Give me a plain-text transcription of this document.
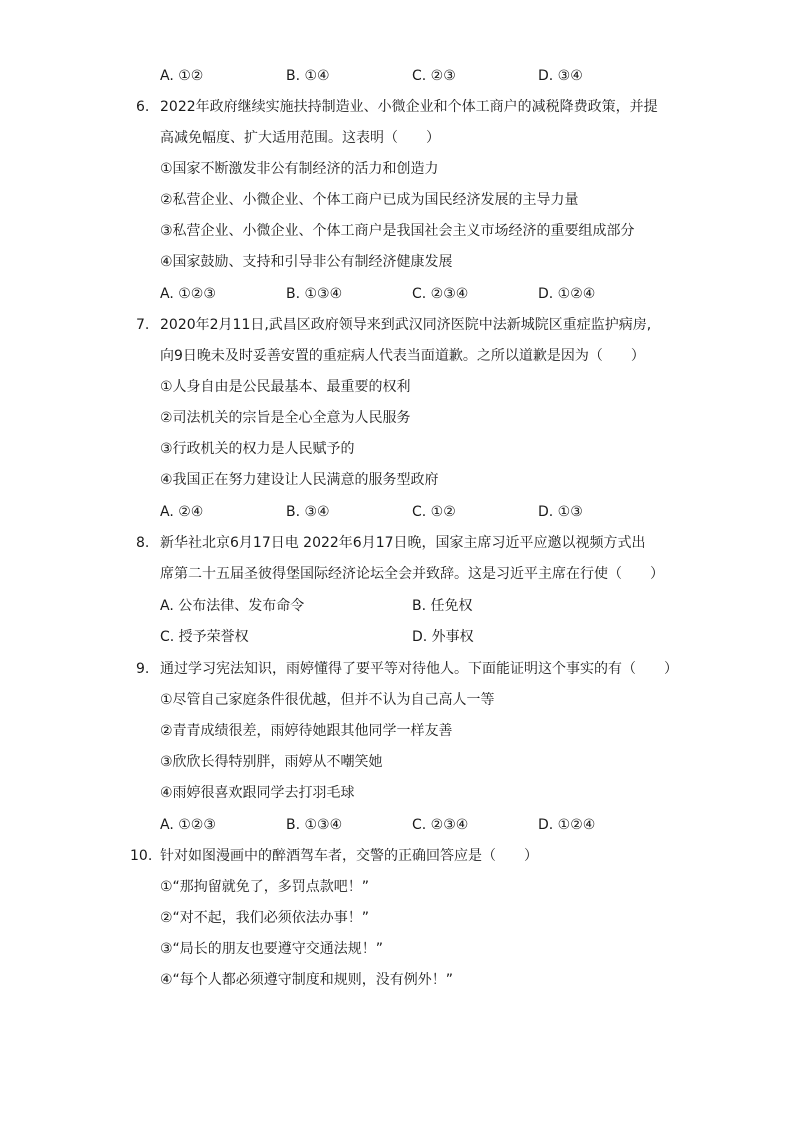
A. ①②	B. ①④	C. ②③	D. ③④
6. 2022年政府继续实施扶持制造业、小微企业和个体工商户的减税降费政策，并提
高减免幅度、扩大适用范围。这表明（　　）
①国家不断激发非公有制经济的活力和创造力
②私营企业、小微企业、个体工商户已成为国民经济发展的主导力量
③私营企业、小微企业、个体工商户是我国社会主义市场经济的重要组成部分
④国家鼓励、支持和引导非公有制经济健康发展
A. ①②③	B. ①③④	C. ②③④	D. ①②④
7. 2020年2月11日,武昌区政府领导来到武汉同济医院中法新城院区重症监护病房,
向9日晚未及时妥善安置的重症病人代表当面道歉。之所以道歉是因为（　　）
①人身自由是公民最基本、最重要的权利
②司法机关的宗旨是全心全意为人民服务
③行政机关的权力是人民赋予的
④我国正在努力建设让人民满意的服务型政府
A. ②④	B. ③④	C. ①②	D. ①③
8. 新华社北京6月17日电 2022年6月17日晚，国家主席习近平应邀以视频方式出
席第二十五届圣彼得堡国际经济论坛全会并致辞。这是习近平主席在行使（　　）
A. 公布法律、发布命令	B. 任免权
C. 授予荣誉权	D. 外事权
9. 通过学习宪法知识，雨婷懂得了要平等对待他人。下面能证明这个事实的有（　　）
①尽管自己家庭条件很优越，但并不认为自己高人一等
②青青成绩很差，雨婷待她跟其他同学一样友善
③欣欣长得特别胖，雨婷从不嘲笑她
④雨婷很喜欢跟同学去打羽毛球
A. ①②③	B. ①③④	C. ②③④	D. ①②④
10. 针对如图漫画中的醉酒驾车者，交警的正确回答应是（　　）
①“那拘留就免了，多罚点款吧！”
②“对不起，我们必须依法办事！”
③“局长的朋友也要遵守交通法规！”
④“每个人都必须遵守制度和规则，没有例外！”
